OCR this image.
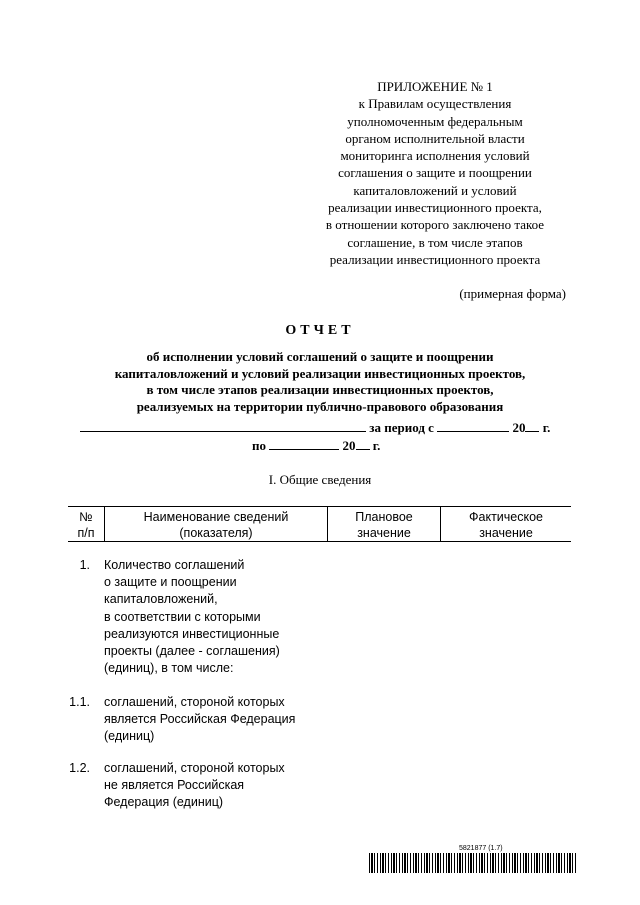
ПРИЛОЖЕНИЕ № 1
к Правилам осуществления
уполномоченным федеральным
органом исполнительной власти
мониторинга исполнения условий
соглашения о защите и поощрении
капиталовложений и условий
реализации инвестиционного проекта,
в отношении которого заключено такое
соглашение, в том числе этапов
реализации инвестиционного проекта
(примерная форма)
ОТЧЕТ
об исполнении условий соглашений о защите и поощрении
капиталовложений и условий реализации инвестиционных проектов,
в том числе этапов реализации инвестиционных проектов,
реализуемых на территории публично-правового образования
за период с	20 г.
по	20 г.
I. Общие сведения
№
п/п
Наименование сведений
(показателя)
Плановое
значение
Фактическое
значение
1. Количество соглашений
о защите и поощрении
капиталовложений,
в соответствии с которыми
реализуются инвестиционные
проекты (далее - соглашения)
(единиц), в том числе:
1.1. соглашений, стороной которых
является Российская Федерация
(единиц)
1.2. соглашений, стороной которых
не является Российская
Федерация (единиц)
5821877 (1.7)
